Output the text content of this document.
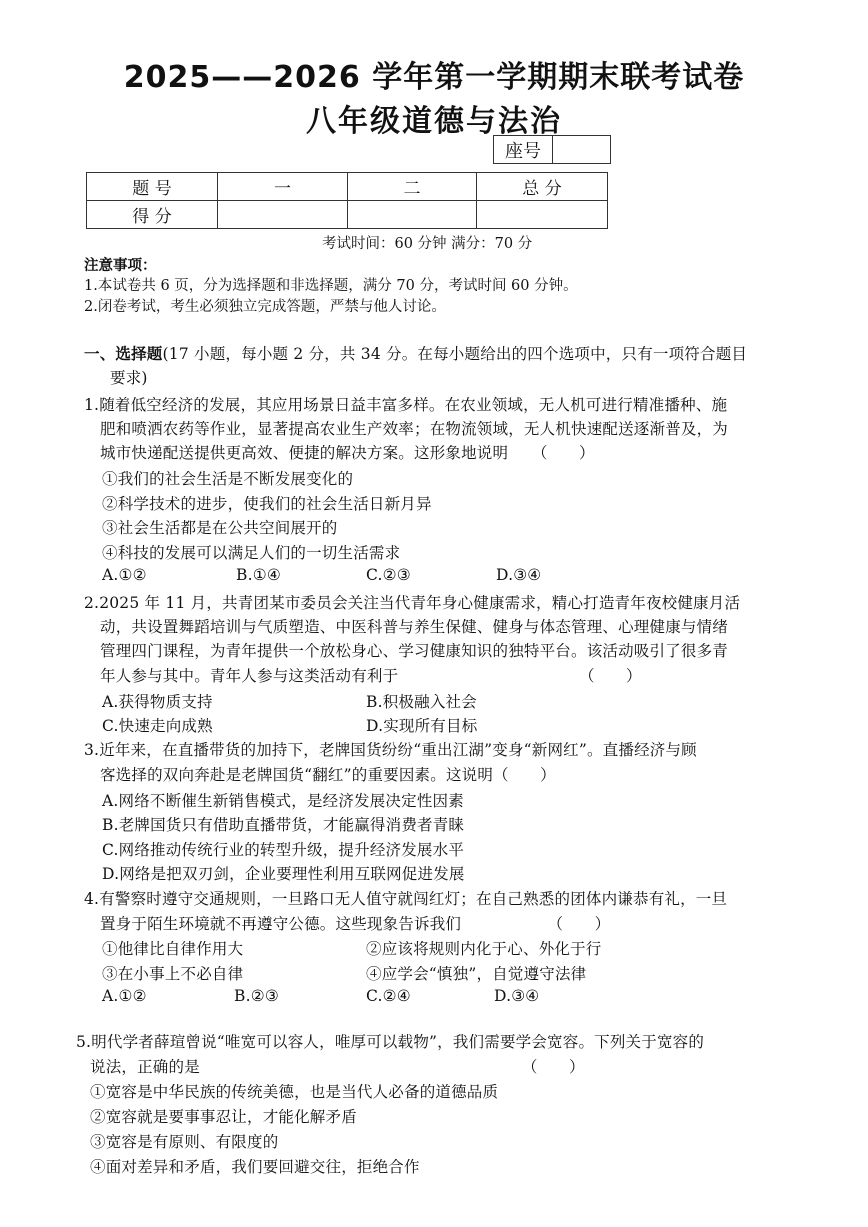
2025——2026 学年第一学期期末联考试卷
八年级道德与法治
座号	
题 号	一	二	总 分
得 分			
考试时间：60 分钟 满分：70 分
注意事项：
1.本试卷共 6 页，分为选择题和非选择题，满分 70 分，考试时间 60 分钟。
2.闭卷考试，考生必须独立完成答题，严禁与他人讨论。
一、选择题(17 小题，每小题 2 分，共 34 分。在每小题给出的四个选项中，只有一项符合题目
要求)
1.随着低空经济的发展，其应用场景日益丰富多样。在农业领域，无人机可进行精准播种、施
肥和喷洒农药等作业，显著提高农业生产效率；在物流领域，无人机快速配送逐渐普及，为
城市快递配送提供更高效、便捷的解决方案。这形象地说明　　（　　）
①我们的社会生活是不断发展变化的
②科学技术的进步，使我们的社会生活日新月异
③社会生活都是在公共空间展开的
④科技的发展可以满足人们的一切生活需求
A.①②	B.①④	C.②③	D.③④
2.2025 年 11 月，共青团某市委员会关注当代青年身心健康需求，精心打造青年夜校健康月活
动，共设置舞蹈培训与气质塑造、中医科普与养生保健、健身与体态管理、心理健康与情绪
管理四门课程，为青年提供一个放松身心、学习健康知识的独特平台。该活动吸引了很多青
年人参与其中。青年人参与这类活动有利于　　　　　　　　　　　　（　　）
A.获得物质支持	B.积极融入社会
C.快速走向成熟	D.实现所有目标
3.近年来，在直播带货的加持下，老牌国货纷纷“重出江湖”变身“新网红”。直播经济与顾
客选择的双向奔赴是老牌国货“翻红”的重要因素。这说明（　　）
A.网络不断催生新销售模式，是经济发展决定性因素
B.老牌国货只有借助直播带货，才能赢得消费者青睐
C.网络推动传统行业的转型升级，提升经济发展水平
D.网络是把双刃剑，企业要理性利用互联网促进发展
4.有警察时遵守交通规则，一旦路口无人值守就闯红灯；在自己熟悉的团体内谦恭有礼，一旦
置身于陌生环境就不再遵守公德。这些现象告诉我们　　　　　　（　　）
①他律比自律作用大	②应该将规则内化于心、外化于行
③在小事上不必自律	④应学会“慎独”，自觉遵守法律
A.①②	B.②③	C.②④	D.③④
5.明代学者薛瑄曾说“唯宽可以容人，唯厚可以载物”，我们需要学会宽容。下列关于宽容的
说法，正确的是　　　　　　　　　　　　　　　　　　　　　（　　）
①宽容是中华民族的传统美德，也是当代人必备的道德品质
②宽容就是要事事忍让，才能化解矛盾
③宽容是有原则、有限度的
④面对差异和矛盾，我们要回避交往，拒绝合作
